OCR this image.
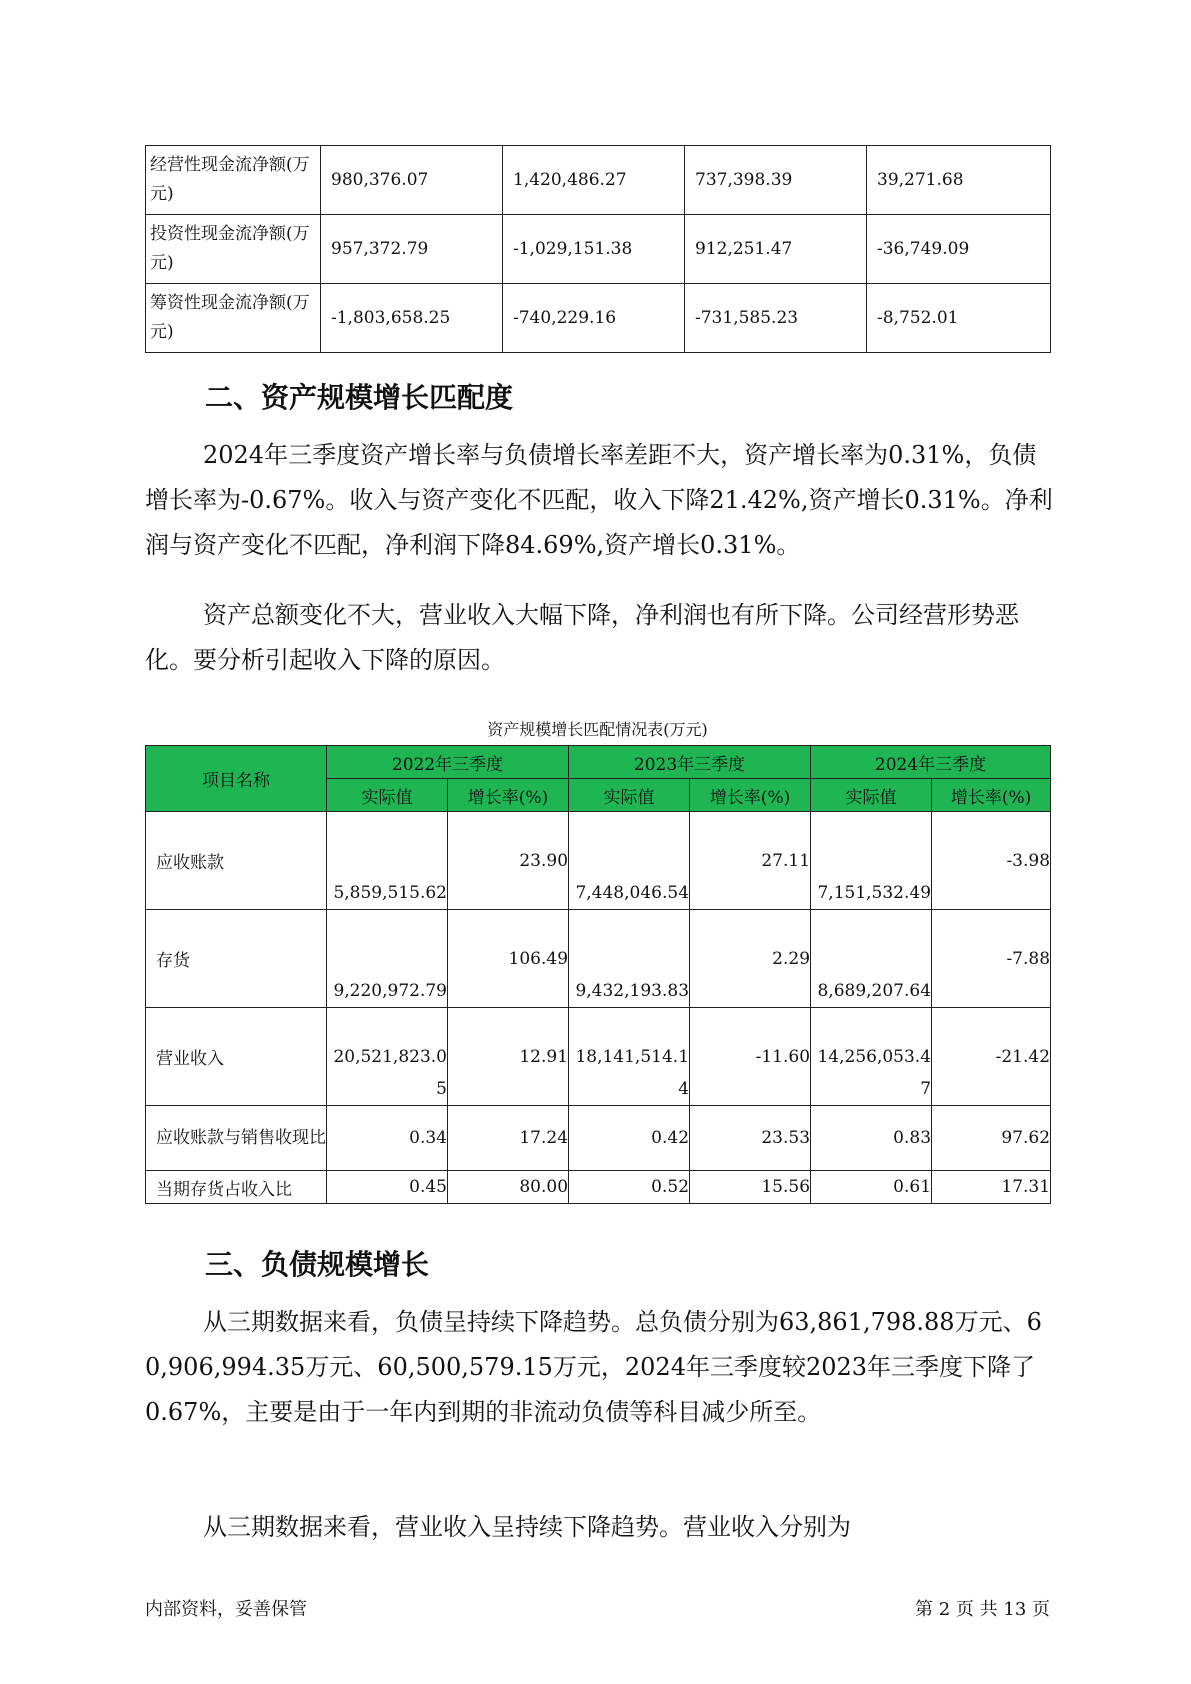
经营性现金流净额(万元)	980,376.07	1,420,486.27	737,398.39	39,271.68
投资性现金流净额(万元)	957,372.79	-1,029,151.38	912,251.47	-36,749.09
筹资性现金流净额(万元)	-1,803,658.25	-740,229.16	-731,585.23	-8,752.01
二、资产规模增长匹配度

2024年三季度资产增长率与负债增长率差距不大，资产增长率为0.31%，负债增长率为-0.67%。收入与资产变化不匹配，收入下降21.42%,资产增长0.31%。净利润与资产变化不匹配，净利润下降84.69%,资产增长0.31%。

资产总额变化不大，营业收入大幅下降，净利润也有所下降。公司经营形势恶化。要分析引起收入下降的原因。

资产规模增长匹配情况表(万元)
项目名称	2022年三季度		2023年三季度		2024年三季度	
	实际值	增长率(%)	实际值	增长率(%)	实际值	增长率(%)
应收账款	5,859,515.62	23.90	7,448,046.54	27.11	7,151,532.49	-3.98
存货	9,220,972.79	106.49	9,432,193.83	2.29	8,689,207.64	-7.88
营业收入	20,521,823.05	12.91	18,141,514.14	-11.60	14,256,053.47	-21.42
应收账款与销售收现比	0.34	17.24	0.42	23.53	0.83	97.62
当期存货占收入比	0.45	80.00	0.52	15.56	0.61	17.31
三、负债规模增长

从三期数据来看，负债呈持续下降趋势。总负债分别为63,861,798.88万元、60,906,994.35万元、60,500,579.15万元，2024年三季度较2023年三季度下降了0.67%，主要是由于一年内到期的非流动负债等科目减少所至。

从三期数据来看，营业收入呈持续下降趋势。营业收入分别为

内部资料，妥善保管	第 2 页 共 13 页
